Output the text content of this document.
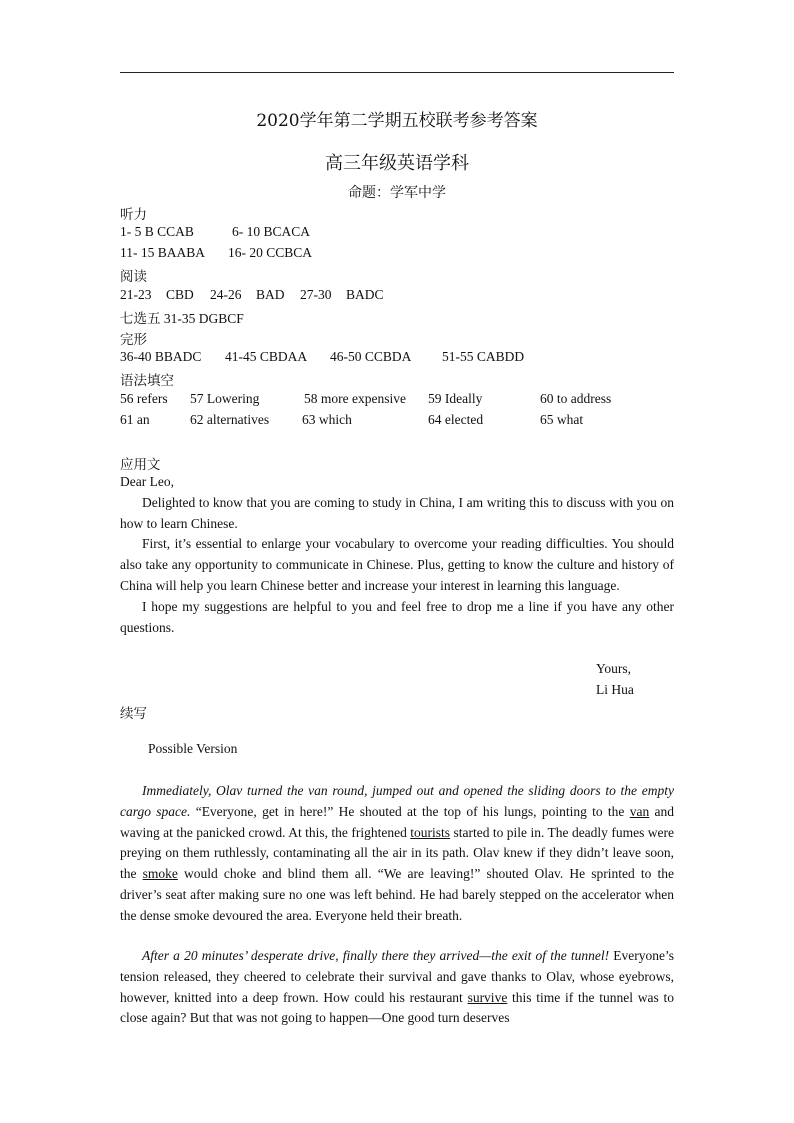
2020学年第二学期五校联考参考答案
高三年级英语学科
命题：学军中学
听力
1- 5 B CCAB	6- 10 BCACA
11- 15 BAABA 16- 20 CCBCA
阅读
21-23 CBD 24-26 BAD 27-30 BADC
七选五 31-35 DGBCF
完形
36-40 BBADC 41-45 CBDAA 46-50 CCBDA 51-55 CABDD
语法填空
56 refers 57 Lowering	58 more expensive 59 Ideally	60 to address
61 an	62 alternatives 63 which	64 elected	65 what
应用文
Dear Leo,

Delighted to know that you are coming to study in China, I am writing this to discuss with you on how to learn Chinese.

First, it’s essential to enlarge your vocabulary to overcome your reading difficulties. You should also take any opportunity to communicate in Chinese. Plus, getting to know the culture and history of China will help you learn Chinese better and increase your interest in learning this language.

I hope my suggestions are helpful to you and feel free to drop me a line if you have any other questions.

Yours,
Li Hua
续写
Possible Version

Immediately, Olav turned the van round, jumped out and opened the sliding doors to the empty cargo space. “Everyone, get in here!” He shouted at the top of his lungs, pointing to the van and waving at the panicked crowd. At this, the frightened tourists started to pile in. The deadly fumes were preying on them ruthlessly, contaminating all the air in its path. Olav knew if they didn’t leave soon, the smoke would choke and blind them all. “We are leaving!” shouted Olav. He sprinted to the driver’s seat after making sure no one was left behind. He had barely stepped on the accelerator when the dense smoke devoured the area. Everyone held their breath.

After a 20 minutes’ desperate drive, finally there they arrived—the exit of the tunnel! Everyone’s tension released, they cheered to celebrate their survival and gave thanks to Olav, whose eyebrows, however, knitted into a deep frown. How could his restaurant survive this time if the tunnel was to close again? But that was not going to happen—One good turn deserves
